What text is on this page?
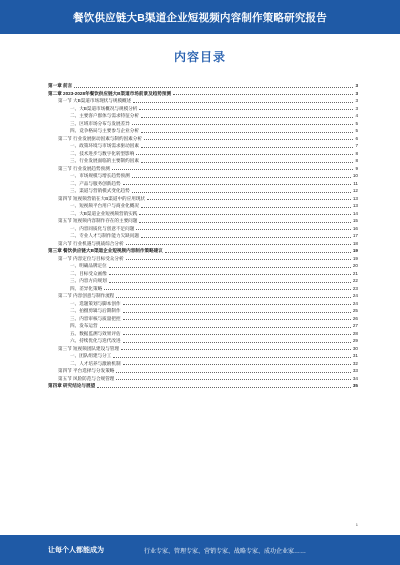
餐饮供应链大B渠道企业短视频内容制作策略研究报告
内容目录
第一章 前言	3
第二章 2023-2028年餐饮供应链大B渠道市场前景及趋势预测	3
第一节 大B渠道市场现状与规模概述	3
一、大B渠道市场概况与规模分析	3
二、主要客户群体与需求特征分析	4
三、区域市场分布与发展差异	5
四、竞争格局与主要参与企业分析	5
第二节 行业发展驱动因素与制约因素分析	6
一、政策环境与市场需求驱动因素	7
二、技术进步与数字化转型影响	8
三、行业发展面临的主要制约因素	8
第三节 行业发展趋势预测	9
一、市场规模与增长趋势预测	10
二、产品与服务创新趋势	11
三、渠道与营销模式变化趋势	12
第四节 短视频营销在大B渠道中的应用现状	13
一、短视频平台用户与商业化概况	13
二、大B渠道企业短视频营销实践	14
第五节 短视频内容制作存在的主要问题	15
一、内容同质化与创意不足问题	16
二、专业人才与制作能力欠缺问题	17
第六节 行业机遇与挑战综合分析	18
第三章 餐饮供应链大B渠道企业短视频内容制作策略建议	19
第一节 内容定位与目标受众分析	19
一、明确品牌定位	20
二、目标受众画像	21
三、内容方向规划	22
四、差异化策略	23
第二节 内容创意与制作流程	24
一、选题策划与脚本创作	24
二、拍摄剪辑与后期制作	25
三、内容审核与质量把控	26
四、发布运营	27
五、数据监测与效果评估	28
六、持续优化与迭代改进	29
第三节 短视频团队建设与管理	30
一、团队组建与分工	31
二、人才培养与激励机制	32
第四节 平台选择与分发策略	33
第五节 风险防范与合规管理	34
第四章 研究结论与展望	35
1
让每个人都能成为	行业专家、管理专家、营销专家、战略专家、成功企业家……
